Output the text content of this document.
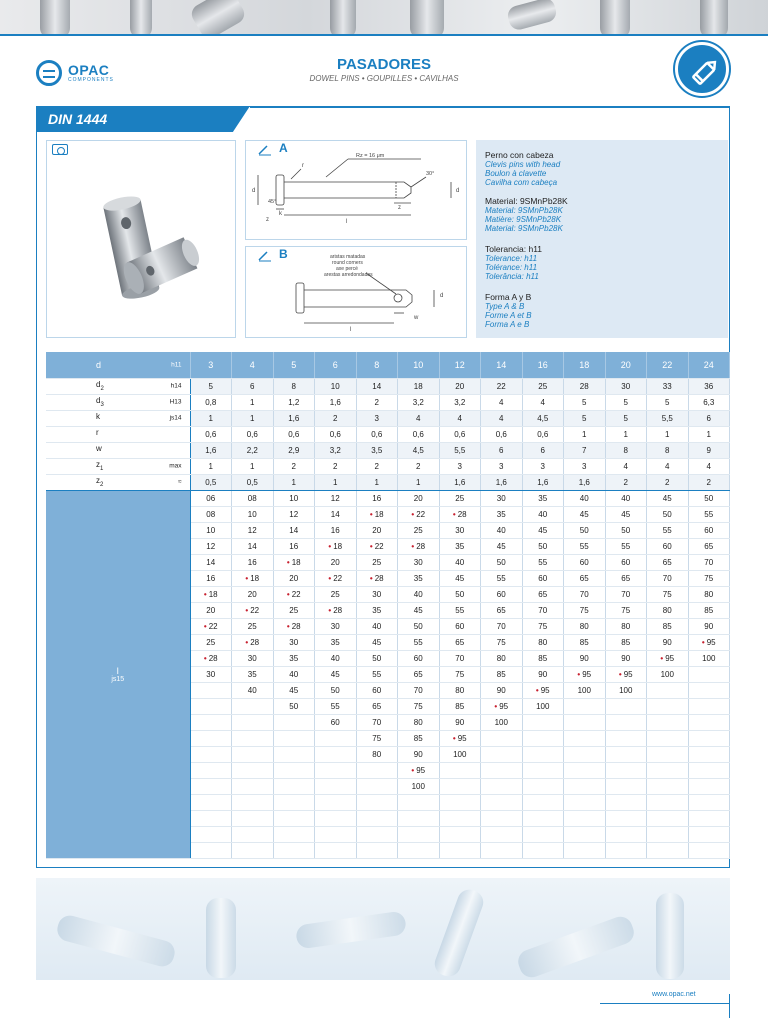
OPAC
COMPONENTS
PASADORES
DOWEL PINS • GOUPILLES • CAVILHAS
DIN 1444
Rz = 16 μm
30°
45°
l
d
d
k
r
z
z
A
aristas matadas
round corners
axe percé
arestas arredondadas
d
w
l
B
Perno con cabeza
Clevis pins with head
Boulon à clavette
Cavilha com cabeça
Material: 9SMnPb28K
Material: 9SMnPb28K
Matière: 9SMnPb28K
Material: 9SMnPb28K
Tolerancia: h11
Tolerance: h11
Tolérance: h11
Tolerância: h11
Forma A y B
Type A & B
Forme A et B
Forma A e B
d h11	3	4	5	6	8	10	12	14	16	18	20	22	24

$d_2$ h14	5	6	8	10	14	18	20	22	25	28	30	33	36

$d_3$ H13	0,8	1	1,2	1,6	2	3,2	3,2	4	4	5	5	5	6,3

k js14	1	1	1,6	2	3	4	4	4	4,5	5	5	5,5	6

r	0,6	0,6	0,6	0,6	0,6	0,6	0,6	0,6	0,6	1	1	1	1

w	1,6	2,2	2,9	3,2	3,5	4,5	5,5	6	6	7	8	8	9

$z_1$ max	1	1	2	2	2	2	3	3	3	3	4	4	4

$z_2$ ≈	0,5	0,5	1	1	1	1	1,6	1,6	1,6	1,6	2	2	2
l
js15	06	08	10	12	16	20	25	30	35	40	40	45	50
	08	10	12	14	• 18	• 22	• 28	35	40	45	45	50	55
	10	12	14	16	20	25	30	40	45	50	50	55	60
	12	14	16	• 18	• 22	• 28	35	45	50	55	55	60	65
	14	16	• 18	20	25	30	40	50	55	60	60	65	70
	16	• 18	20	• 22	• 28	35	45	55	60	65	65	70	75
	• 18	20	• 22	25	30	40	50	60	65	70	70	75	80
	20	• 22	25	• 28	35	45	55	65	70	75	75	80	85
	• 22	25	• 28	30	40	50	60	70	75	80	80	85	90
	25	• 28	30	35	45	55	65	75	80	85	85	90	• 95
	• 28	30	35	40	50	60	70	80	85	90	90	• 95	100
	30	35	40	45	55	65	75	85	90	• 95	• 95	100	
		40	45	50	60	70	80	90	• 95	100	100		
			50	55	65	75	85	• 95	100				
				60	70	80	90	100					
					75	85	• 95						
					80	90	100						
						• 95							
						100							

www.opac.net
